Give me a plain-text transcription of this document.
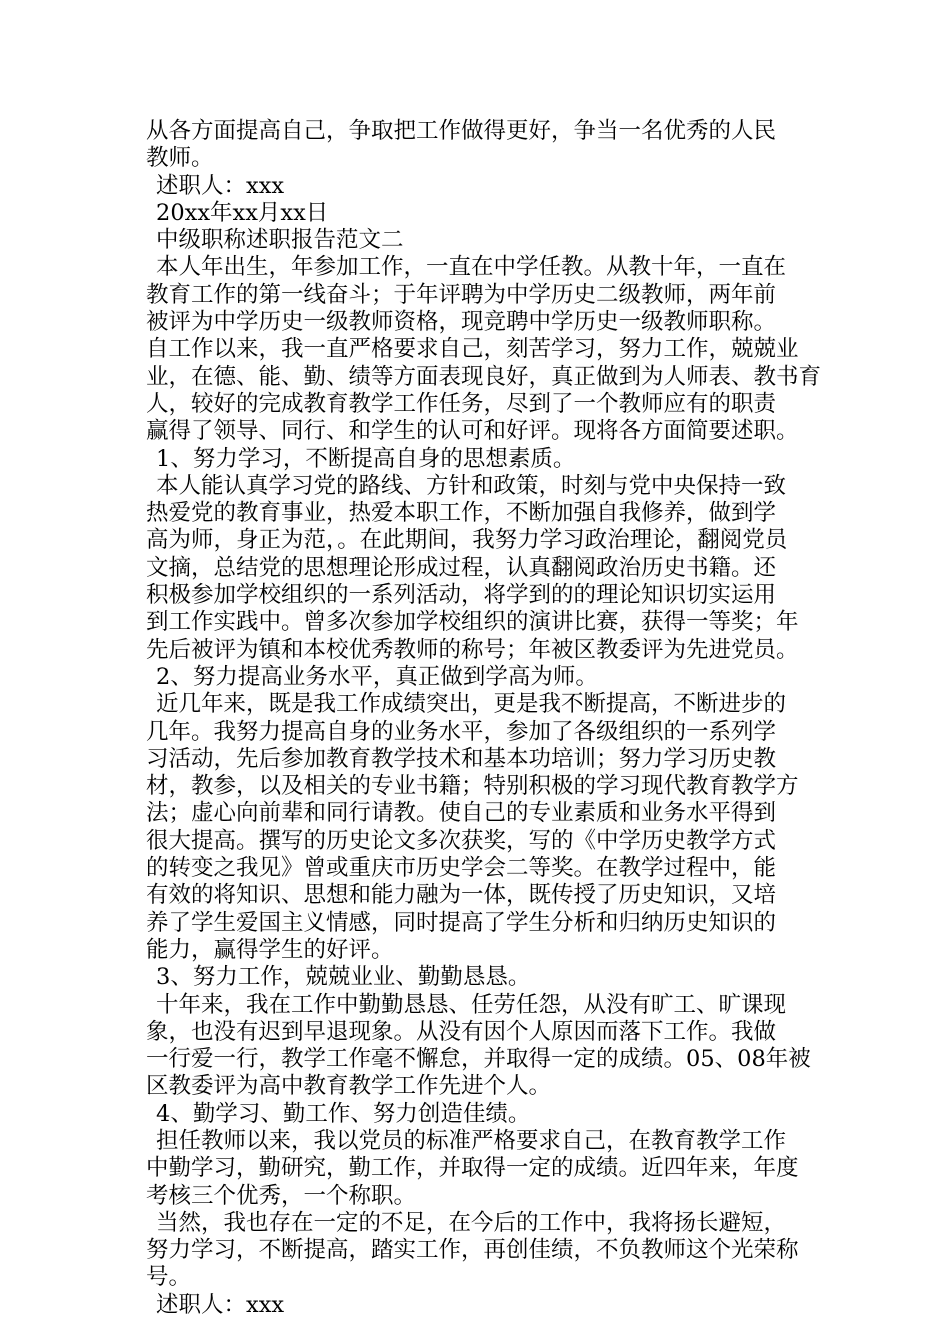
从各方面提高自己，争取把工作做得更好，争当一名优秀的人民
教师。
述职人：xxx
20xx年xx月xx日
中级职称述职报告范文二
本人年出生，年参加工作，一直在中学任教。从教十年，一直在
教育工作的第一线奋斗；于年评聘为中学历史二级教师，两年前
被评为中学历史一级教师资格，现竞聘中学历史一级教师职称。
自工作以来，我一直严格要求自己，刻苦学习，努力工作，兢兢业
业，在德、能、勤、绩等方面表现良好，真正做到为人师表、教书育
人，较好的完成教育教学工作任务，尽到了一个教师应有的职责
赢得了领导、同行、和学生的认可和好评。现将各方面简要述职。
1、努力学习，不断提高自身的思想素质。
本人能认真学习党的路线、方针和政策，时刻与党中央保持一致
热爱党的教育事业，热爱本职工作，不断加强自我修养，做到学
高为师，身正为范，。在此期间，我努力学习政治理论，翻阅党员
文摘，总结党的思想理论形成过程，认真翻阅政治历史书籍。还
积极参加学校组织的一系列活动，将学到的的理论知识切实运用
到工作实践中。曾多次参加学校组织的演讲比赛，获得一等奖；年
先后被评为镇和本校优秀教师的称号；年被区教委评为先进党员。
2、努力提高业务水平，真正做到学高为师。
近几年来，既是我工作成绩突出，更是我不断提高，不断进步的
几年。我努力提高自身的业务水平，参加了各级组织的一系列学
习活动，先后参加教育教学技术和基本功培训；努力学习历史教
材，教参，以及相关的专业书籍；特别积极的学习现代教育教学方
法；虚心向前辈和同行请教。使自己的专业素质和业务水平得到
很大提高。撰写的历史论文多次获奖，写的《中学历史教学方式
的转变之我见》曾或重庆市历史学会二等奖。在教学过程中，能
有效的将知识、思想和能力融为一体，既传授了历史知识，又培
养了学生爱国主义情感，同时提高了学生分析和归纳历史知识的
能力，赢得学生的好评。
3、努力工作，兢兢业业、勤勤恳恳。
十年来，我在工作中勤勤恳恳、任劳任怨，从没有旷工、旷课现
象，也没有迟到早退现象。从没有因个人原因而落下工作。我做
一行爱一行，教学工作毫不懈怠，并取得一定的成绩。05、08年被
区教委评为高中教育教学工作先进个人。
4、勤学习、勤工作、努力创造佳绩。
担任教师以来，我以党员的标准严格要求自己，在教育教学工作
中勤学习，勤研究，勤工作，并取得一定的成绩。近四年来，年度
考核三个优秀，一个称职。
当然，我也存在一定的不足，在今后的工作中，我将扬长避短，
努力学习，不断提高，踏实工作，再创佳绩，不负教师这个光荣称
号。
述职人：xxx
